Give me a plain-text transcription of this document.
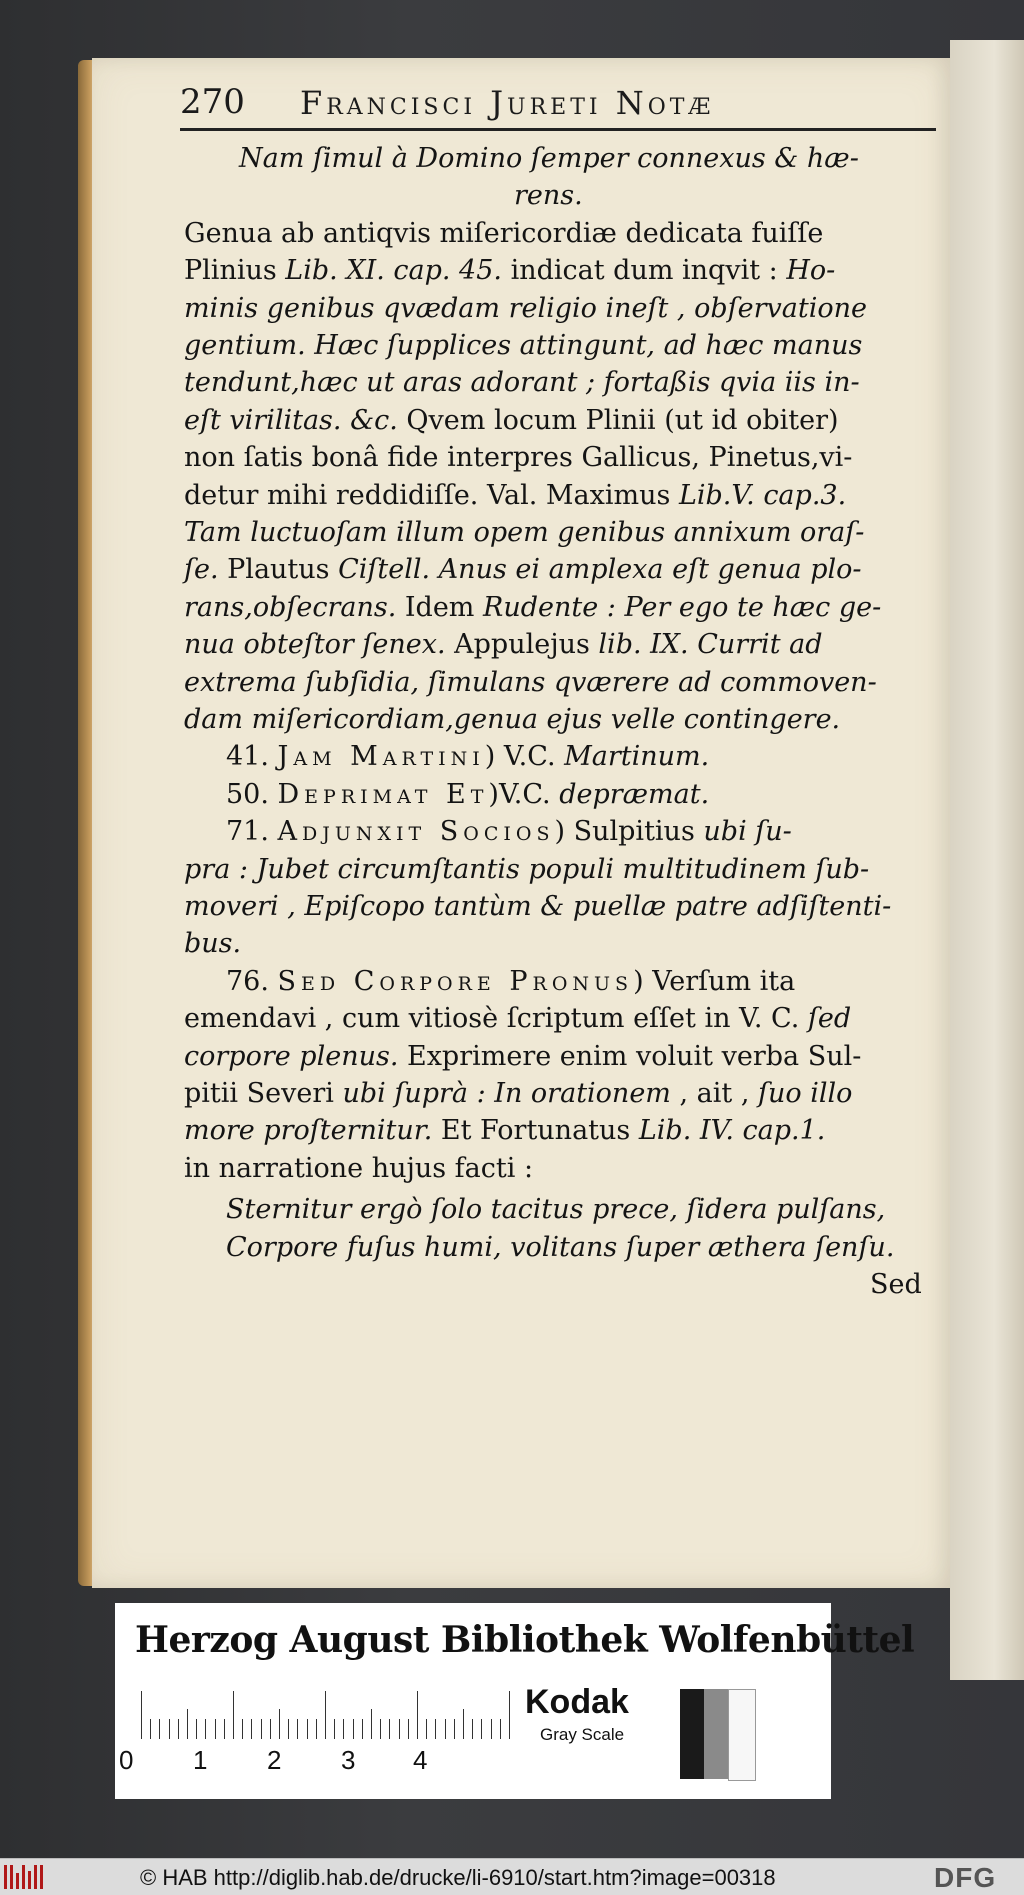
270 Francisci Jureti Notæ
Nam ſimul à Domino ſemper connexus & hæ-
rens.
Genua ab antiqvis miſericordiæ dedicata fuiſſe
Plinius Lib. XI. cap. 45. indicat dum inqvit : Ho-
minis genibus qvædam religio ineſt , obſervatione
gentium. Hæc ſupplices attingunt, ad hæc manus
tendunt,hæc ut aras adorant ; fortaßis qvia iis in-
eſt virilitas. &c. Qvem locum Plinii (ut id obiter)
non ſatis bonâ fide interpres Gallicus, Pinetus,vi-
detur mihi reddidiſſe. Val. Maximus Lib.V. cap.3.
Tam luctuoſam illum opem genibus annixum oraſ-
ſe. Plautus Ciſtell. Anus ei amplexa eſt genua plo-
rans,obſecrans. Idem Rudente : Per ego te hæc ge-
nua obteſtor ſenex. Appulejus lib. IX. Currit ad
extrema ſubſidia, ſimulans qværere ad commoven-
dam miſericordiam,genua ejus velle contingere.
41. Jam Martini) V.C. Martinum.
50. Deprimat Et)V.C. depræmat.
71. Adjunxit Socios) Sulpitius ubi ſu-
pra : Jubet circumſtantis populi multitudinem ſub-
moveri , Epiſcopo tantùm & puellæ patre adſiſtenti-
bus.
76. Sed Corpore Pronus) Verſum ita
emendavi , cum vitiosè ſcriptum eſſet in V. C. ſed
corpore plenus. Exprimere enim voluit verba Sul-
pitii Severi ubi ſuprà : In orationem , ait , ſuo illo
more proſternitur. Et Fortunatus Lib. IV. cap.1.
in narratione hujus facti :
Sternitur ergò ſolo tacitus prece, ſidera pulſans,
Corpore fuſus humi, volitans ſuper æthera ſenſu.
Sed
Herzog August Bibliothek Wolfenbüttel
0 1 2 3 4
Kodak
Gray Scale
© HAB http://diglib.hab.de/drucke/li-6910/start.htm?image=00318	DFG
